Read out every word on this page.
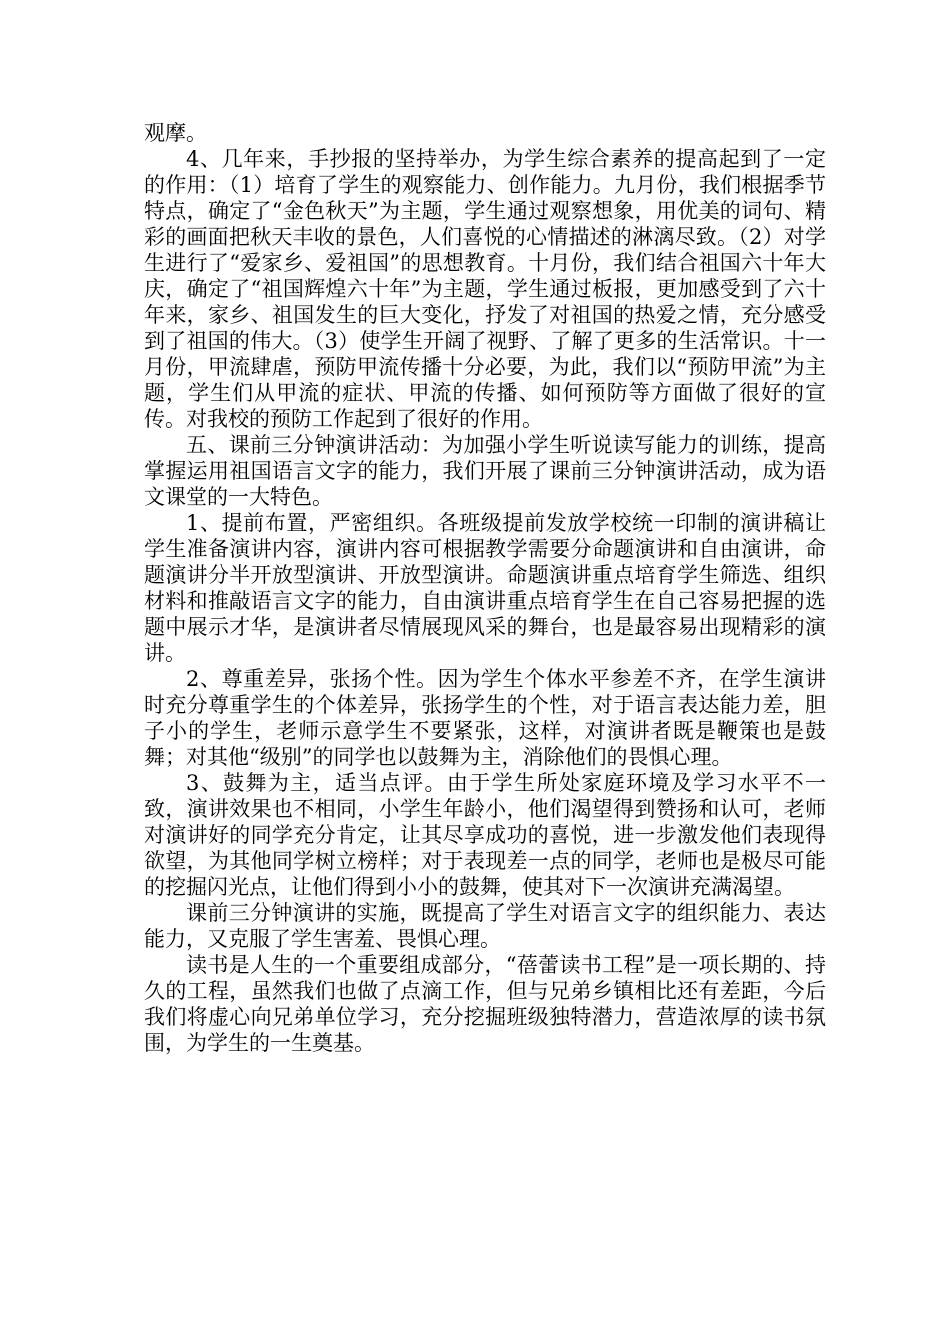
观摩。

4、几年来，手抄报的坚持举办，为学生综合素养的提高起到了一定的作用：（1）培育了学生的观察能力、创作能力。九月份，我们根据季节特点，确定了“金色秋天”为主题，学生通过观察想象，用优美的词句、精彩的画面把秋天丰收的景色，人们喜悦的心情描述的淋漓尽致。（2）对学生进行了“爱家乡、爱祖国”的思想教育。十月份，我们结合祖国六十年大庆，确定了“祖国辉煌六十年”为主题，学生通过板报，更加感受到了六十年来，家乡、祖国发生的巨大变化，抒发了对祖国的热爱之情，充分感受到了祖国的伟大。（3）使学生开阔了视野、了解了更多的生活常识。十一月份，甲流肆虐，预防甲流传播十分必要，为此，我们以“预防甲流”为主题，学生们从甲流的症状、甲流的传播、如何预防等方面做了很好的宣传。对我校的预防工作起到了很好的作用。

五、课前三分钟演讲活动：为加强小学生听说读写能力的训练，提高掌握运用祖国语言文字的能力，我们开展了课前三分钟演讲活动，成为语文课堂的一大特色。

1、提前布置，严密组织。各班级提前发放学校统一印制的演讲稿让学生准备演讲内容，演讲内容可根据教学需要分命题演讲和自由演讲，命题演讲分半开放型演讲、开放型演讲。命题演讲重点培育学生筛选、组织材料和推敲语言文字的能力，自由演讲重点培育学生在自己容易把握的选题中展示才华，是演讲者尽情展现风采的舞台，也是最容易出现精彩的演讲。

2、尊重差异，张扬个性。因为学生个体水平参差不齐，在学生演讲时充分尊重学生的个体差异，张扬学生的个性，对于语言表达能力差，胆子小的学生，老师示意学生不要紧张，这样，对演讲者既是鞭策也是鼓舞；对其他“级别”的同学也以鼓舞为主，消除他们的畏惧心理。

3、鼓舞为主，适当点评。由于学生所处家庭环境及学习水平不一致，演讲效果也不相同，小学生年龄小，他们渴望得到赞扬和认可，老师对演讲好的同学充分肯定，让其尽享成功的喜悦，进一步激发他们表现得欲望，为其他同学树立榜样；对于表现差一点的同学，老师也是极尽可能的挖掘闪光点，让他们得到小小的鼓舞，使其对下一次演讲充满渴望。

课前三分钟演讲的实施，既提高了学生对语言文字的组织能力、表达能力，又克服了学生害羞、畏惧心理。

读书是人生的一个重要组成部分，“蓓蕾读书工程”是一项长期的、持久的工程，虽然我们也做了点滴工作，但与兄弟乡镇相比还有差距，今后我们将虚心向兄弟单位学习，充分挖掘班级独特潜力，营造浓厚的读书氛围，为学生的一生奠基。
